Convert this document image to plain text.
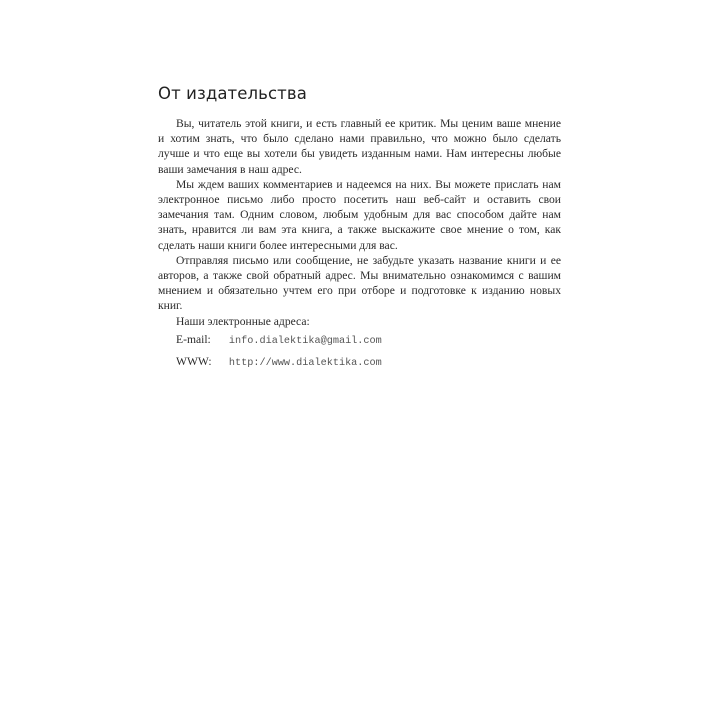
От издательства

Вы, читатель этой книги, и есть главный ее критик. Мы ценим ваше мнение и хотим знать, что было сделано нами правильно, что можно было сделать лучше и что еще вы хотели бы увидеть изданным нами. Нам интересны любые ваши замечания в наш адрес.

Мы ждем ваших комментариев и надеемся на них. Вы можете прислать нам электронное письмо либо просто посетить наш веб-сайт и оставить свои замечания там. Одним словом, любым удобным для вас способом дайте нам знать, нравится ли вам эта книга, а также выскажите свое мнение о том, как сделать наши книги более интересными для вас.

Отправляя письмо или сообщение, не забудьте указать название книги и ее авторов, а также свой обратный адрес. Мы внимательно ознакомимся с вашим мнением и обязательно учтем его при отборе и подготовке к изданию новых книг.

Наши электронные адреса:

E-mail: info.dialektika@gmail.com
WWW: http://www.dialektika.com
